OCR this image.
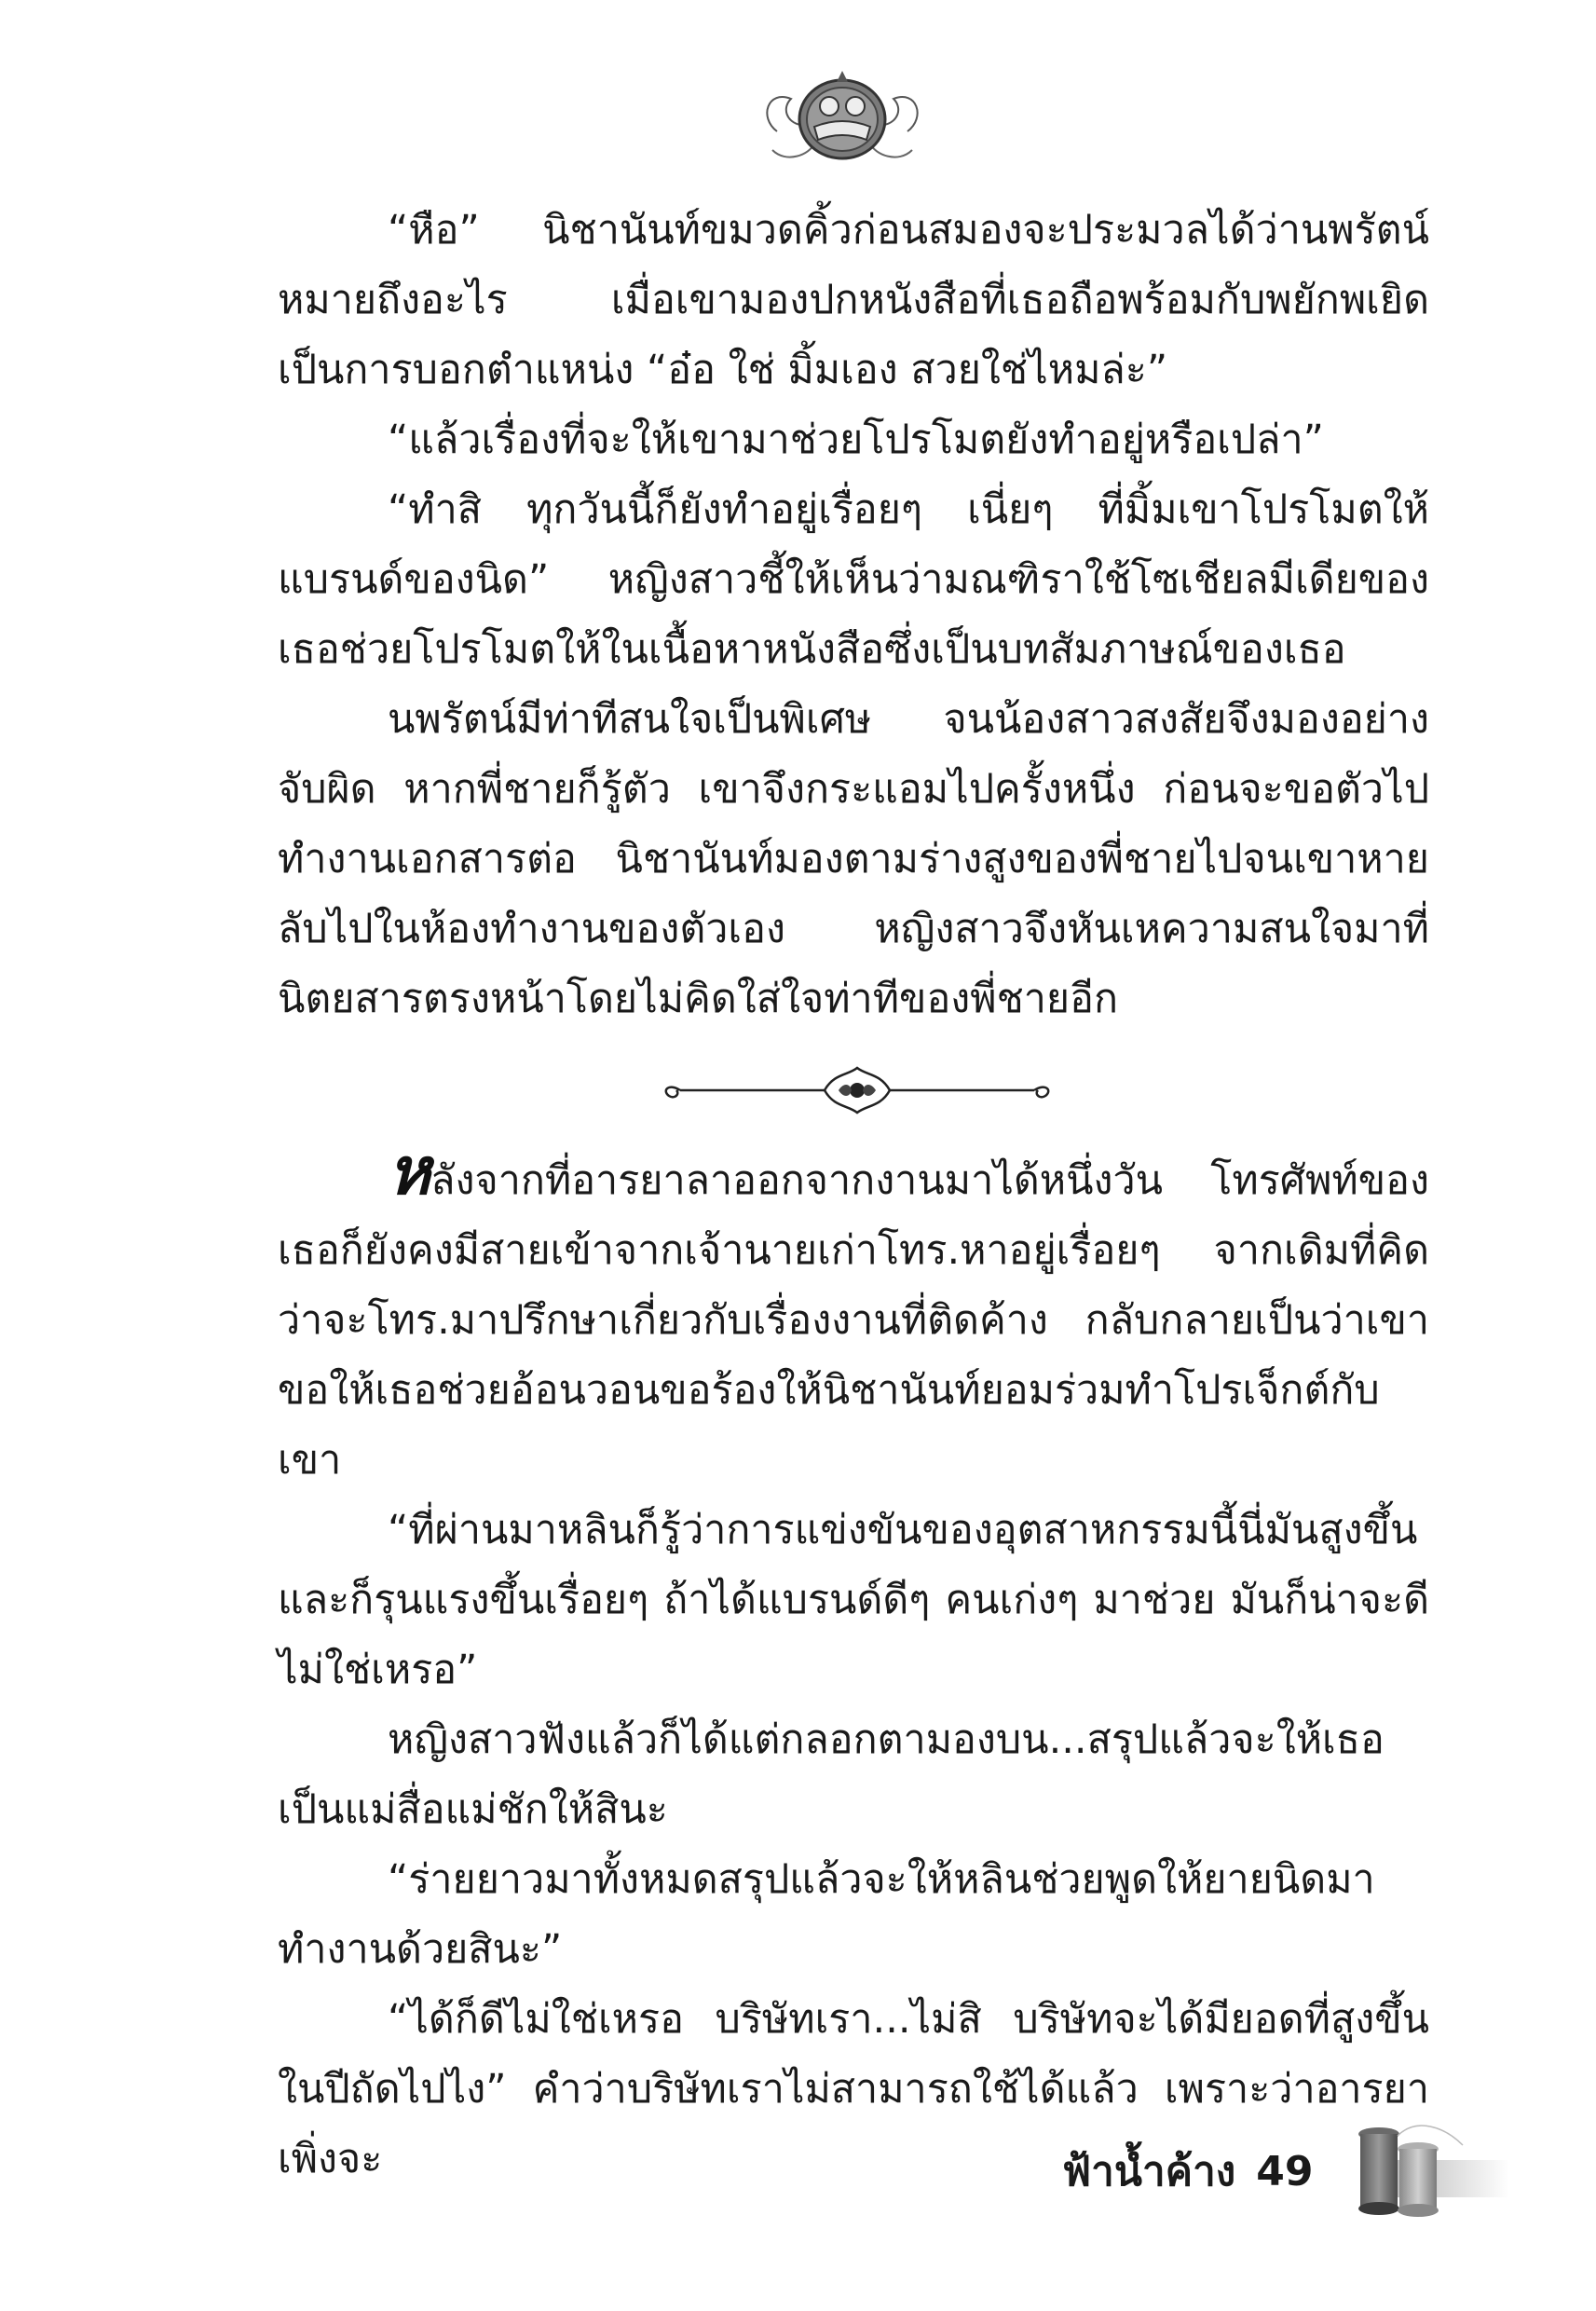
“หือ” นิชานันท์ขมวดคิ้วก่อนสมองจะประมวลได้ว่านพรัตน์หมายถึงอะไร เมื่อเขามองปกหนังสือที่เธอถือพร้อมกับพยักพเยิดเป็นการบอกตำแหน่ง “อ๋อ ใช่ มิ้มเอง สวยใช่ไหมล่ะ”

“แล้วเรื่องที่จะให้เขามาช่วยโปรโมตยังทำอยู่หรือเปล่า”

“ทำสิ ทุกวันนี้ก็ยังทำอยู่เรื่อยๆ เนี่ยๆ ที่มิ้มเขาโปรโมตให้แบรนด์ของนิด” หญิงสาวชี้ให้เห็นว่ามณฑิราใช้โซเชียลมีเดียของเธอช่วยโปรโมตให้ในเนื้อหาหนังสือซึ่งเป็นบทสัมภาษณ์ของเธอ

นพรัตน์มีท่าทีสนใจเป็นพิเศษ จนน้องสาวสงสัยจึงมองอย่างจับผิด หากพี่ชายก็รู้ตัว เขาจึงกระแอมไปครั้งหนึ่ง ก่อนจะขอตัวไปทำงานเอกสารต่อ นิชานันท์มองตามร่างสูงของพี่ชายไปจนเขาหายลับไปในห้องทำงานของตัวเอง หญิงสาวจึงหันเหความสนใจมาที่นิตยสารตรงหน้าโดยไม่คิดใส่ใจท่าทีของพี่ชายอีก

หลังจากที่อารยาลาออกจากงานมาได้หนึ่งวัน โทรศัพท์ของเธอก็ยังคงมีสายเข้าจากเจ้านายเก่าโทร.หาอยู่เรื่อยๆ จากเดิมที่คิดว่าจะโทร.มาปรึกษาเกี่ยวกับเรื่องงานที่ติดค้าง กลับกลายเป็นว่าเขาขอให้เธอช่วยอ้อนวอนขอร้องให้นิชานันท์ยอมร่วมทำโปรเจ็กต์กับเขา

“ที่ผ่านมาหลินก็รู้ว่าการแข่งขันของอุตสาหกรรมนี้นี่มันสูงขึ้นและก็รุนแรงขึ้นเรื่อยๆ ถ้าได้แบรนด์ดีๆ คนเก่งๆ มาช่วย มันก็น่าจะดีไม่ใช่เหรอ”

หญิงสาวฟังแล้วก็ได้แต่กลอกตามองบน...สรุปแล้วจะให้เธอเป็นแม่สื่อแม่ชักให้สินะ

“ร่ายยาวมาทั้งหมดสรุปแล้วจะให้หลินช่วยพูดให้ยายนิดมาทำงานด้วยสินะ”

“ได้ก็ดีไม่ใช่เหรอ บริษัทเรา...ไม่สิ บริษัทจะได้มียอดที่สูงขึ้นในปีถัดไปไง” คำว่าบริษัทเราไม่สามารถใช้ได้แล้ว เพราะว่าอารยาเพิ่งจะ	ฟ้าน้ำค้าง 49
